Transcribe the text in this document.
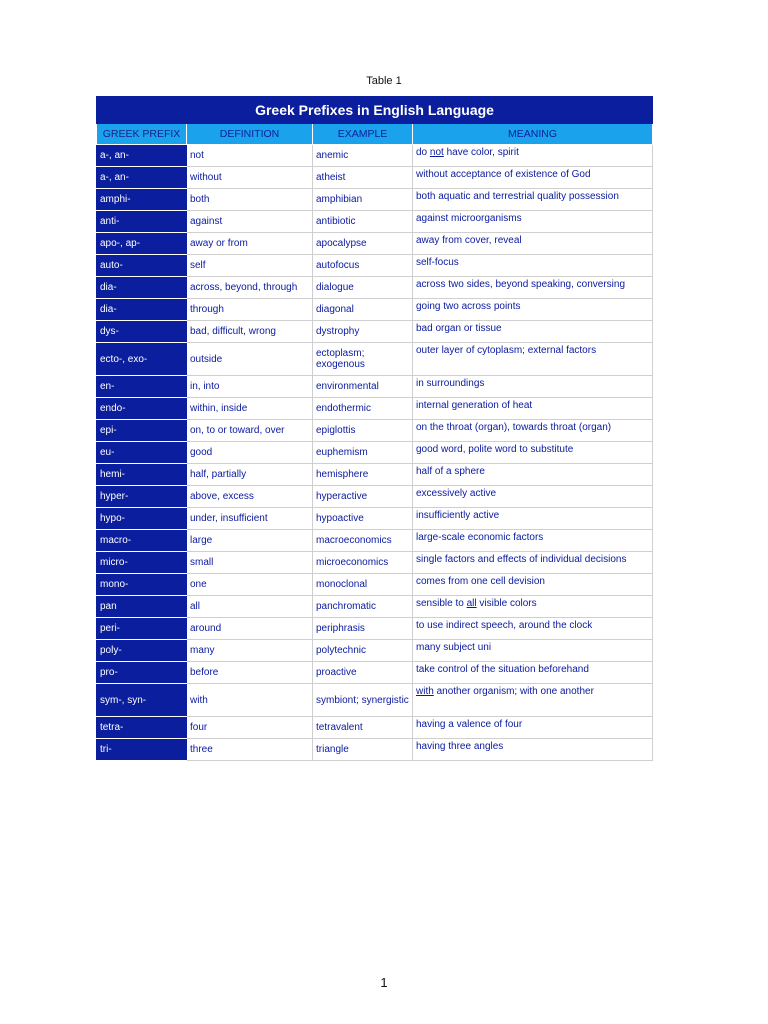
Table 1
Greek Prefixes in English Language			
GREEK PREFIX	DEFINITION	EXAMPLE	MEANING
a-, an-	not	anemic	do not have color, spirit
a-, an-	without	atheist	without acceptance of existence of God
amphi-	both	amphibian	both aquatic and terrestrial quality possession
anti-	against	antibiotic	against microorganisms
apo-, ap-	away or from	apocalypse	away from cover, reveal
auto-	self	autofocus	self-focus
dia-	across, beyond, through	dialogue	across two sides, beyond speaking, conversing
dia-	through	diagonal	going two across points
dys-	bad, difficult, wrong	dystrophy	bad organ or tissue
ecto-, exo-	outside	ectoplasm; exogenous	outer layer of cytoplasm; external factors
en-	in, into	environmental	in surroundings
endo-	within, inside	endothermic	internal generation of heat
epi-	on, to or toward, over	epiglottis	on the throat (organ), towards throat (organ)
eu-	good	euphemism	good word, polite word to substitute
hemi-	half, partially	hemisphere	half of a sphere
hyper-	above, excess	hyperactive	excessively active
hypo-	under, insufficient	hypoactive	insufficiently active
macro-	large	macroeconomics	large-scale economic factors
micro-	small	microeconomics	single factors and effects of individual decisions
mono-	one	monoclonal	comes from one cell devision
pan	all	panchromatic	sensible to all visible colors
peri-	around	periphrasis	to use indirect speech, around the clock
poly-	many	polytechnic	many subject uni
pro-	before	proactive	take control of the situation beforehand
sym-, syn-	with	symbiont; synergistic	with another organism; with one another
tetra-	four	tetravalent	having a valence of four
tri-	three	triangle	having three angles
1
